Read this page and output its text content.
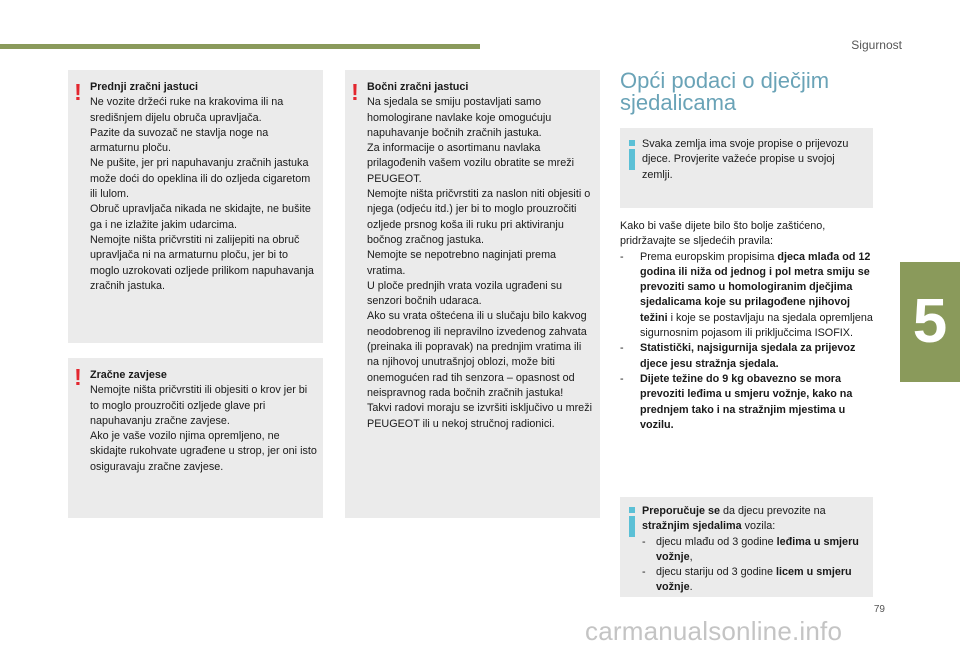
Sigurnost
5
! Prednji zračni jastuci
Ne vozite držeći ruke na krakovima ili na središnjem dijelu obruča upravljača.
Pazite da suvozač ne stavlja noge na armaturnu ploču.
Ne pušite, jer pri napuhavanju zračnih jastuka može doći do opeklina ili do ozljeda cigaretom ili lulom.
Obruč upravljača nikada ne skidajte, ne bušite ga i ne izlažite jakim udarcima.
Nemojte ništa pričvrstiti ni zalijepiti na obruč upravljača ni na armaturnu ploču, jer bi to moglo uzrokovati ozljede prilikom napuhavanja zračnih jastuka.
! Zračne zavjese
Nemojte ništa pričvrstiti ili objesiti o krov jer bi to moglo prouzročiti ozljede glave pri napuhavanju zračne zavjese.
Ako je vaše vozilo njima opremljeno, ne skidajte rukohvate ugrađene u strop, jer oni isto osiguravaju zračne zavjese.
! Bočni zračni jastuci
Na sjedala se smiju postavljati samo homologirane navlake koje omogućuju napuhavanje bočnih zračnih jastuka.
Za informacije o asortimanu navlaka prilagođenih vašem vozilu obratite se mreži PEUGEOT.
Nemojte ništa pričvrstiti za naslon niti objesiti o njega (odjeću itd.) jer bi to moglo prouzročiti ozljede prsnog koša ili ruku pri aktiviranju bočnog zračnog jastuka.
Nemojte se nepotrebno naginjati prema vratima.
U ploče prednjih vrata vozila ugrađeni su senzori bočnih udaraca.
Ako su vrata oštećena ili u slučaju bilo kakvog neodobrenog ili nepravilno izvedenog zahvata (preinaka ili popravak) na prednjim vratima ili na njihovoj unutrašnjoj oblozi, može biti onemogućen rad tih senzora – opasnost od neispravnog rada bočnih zračnih jastuka!
Takvi radovi moraju se izvršiti isključivo u mreži PEUGEOT ili u nekoj stručnoj radionici.
Opći podaci o dječjim sjedalicama
Svaka zemlja ima svoje propise o prijevozu djece. Provjerite važeće propise u svojoj zemlji.
Kako bi vaše dijete bilo što bolje zaštićeno, pridržavajte se sljedećih pravila:
- Prema europskim propisima djeca mlađa od 12 godina ili niža od jednog i pol metra smiju se prevoziti samo u homologiranim dječjima sjedalicama koje su prilagođene njihovoj težini i koje se postavljaju na sjedala opremljena sigurnosnim pojasom ili priključcima ISOFIX.
- Statistički, najsigurnija sjedala za prijevoz djece jesu stražnja sjedala.
- Dijete težine do 9 kg obavezno se mora prevoziti leđima u smjeru vožnje, kako na prednjem tako i na stražnjim mjestima u vozilu.
Preporučuje se da djecu prevozite na stražnjim sjedalima vozila:
- djecu mlađu od 3 godine leđima u smjeru vožnje,
- djecu stariju od 3 godine licem u smjeru vožnje.
79
carmanualsonline.info
